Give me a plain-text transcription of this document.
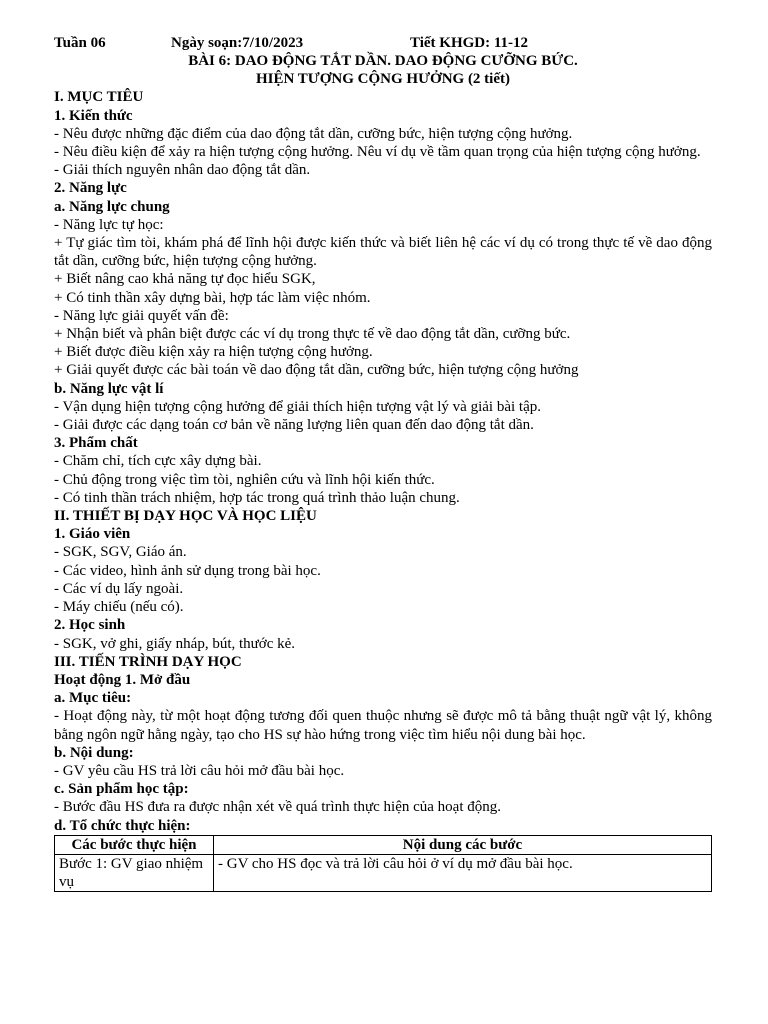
Tuần 06	Ngày soạn:7/10/2023	Tiết KHGD: 11-12
BÀI 6: DAO ĐỘNG TẮT DẦN. DAO ĐỘNG CƯỠNG BỨC.
HIỆN TƯỢNG CỘNG HƯỞNG (2 tiết)
I. MỤC TIÊU
1. Kiến thức
- Nêu được những đặc điểm của dao động tắt dần, cưỡng bức, hiện tượng cộng hưởng.
- Nêu điều kiện để xảy ra hiện tượng cộng hưởng. Nêu ví dụ về tầm quan trọng của hiện tượng cộng hưởng.
- Giải thích nguyên nhân dao động tắt dần.
2. Năng lực
a. Năng lực chung
- Năng lực tự học:
+ Tự giác tìm tòi, khám phá để lĩnh hội được kiến thức và biết liên hệ các ví dụ có trong thực tế về dao động tắt dần, cưỡng bức, hiện tượng cộng hưởng.
+ Biết nâng cao khả năng tự đọc hiểu SGK,
+ Có tinh thần xây dựng bài, hợp tác làm việc nhóm.
- Năng lực giải quyết vấn đề:
+ Nhận biết và phân biệt được các ví dụ trong thực tế về dao động tắt dần, cưỡng bức.
+ Biết được điều kiện xảy ra hiện tượng cộng hưởng.
+ Giải quyết được các bài toán về dao động tắt dần, cưỡng bức, hiện tượng cộng hưởng
b. Năng lực vật lí
- Vận dụng hiện tượng cộng hưởng để giải thích hiện tượng vật lý và giải bài tập.
- Giải được các dạng toán cơ bản về năng lượng liên quan đến dao động tắt dần.
3. Phẩm chất
- Chăm chỉ, tích cực xây dựng bài.
- Chủ động trong việc tìm tòi, nghiên cứu và lĩnh hội kiến thức.
- Có tinh thần trách nhiệm, hợp tác trong quá trình thảo luận chung.
II. THIẾT BỊ DẠY HỌC VÀ HỌC LIỆU
1. Giáo viên
- SGK, SGV, Giáo án.
- Các video, hình ảnh sử dụng trong bài học.
- Các ví dụ lấy ngoài.
- Máy chiếu (nếu có).
2. Học sinh
- SGK, vở ghi, giấy nháp, bút, thước kẻ.
III. TIẾN TRÌNH DẠY HỌC
Hoạt động 1. Mở đầu
a. Mục tiêu:
- Hoạt động này, từ một hoạt động tương đối quen thuộc nhưng sẽ được mô tả bằng thuật ngữ vật lý, không bằng ngôn ngữ hằng ngày, tạo cho HS sự hào hứng trong việc tìm hiểu nội dung bài học.
b. Nội dung:
- GV yêu cầu HS trả lời câu hỏi mở đầu bài học.
c. Sản phẩm học tập:
- Bước đầu HS đưa ra được nhận xét về quá trình thực hiện của hoạt động.
d. Tổ chức thực hiện:
Các bước thực hiện	Nội dung các bước
Bước 1: GV giao nhiệm vụ	- GV cho HS đọc và trả lời câu hỏi ở ví dụ mở đầu bài học.
